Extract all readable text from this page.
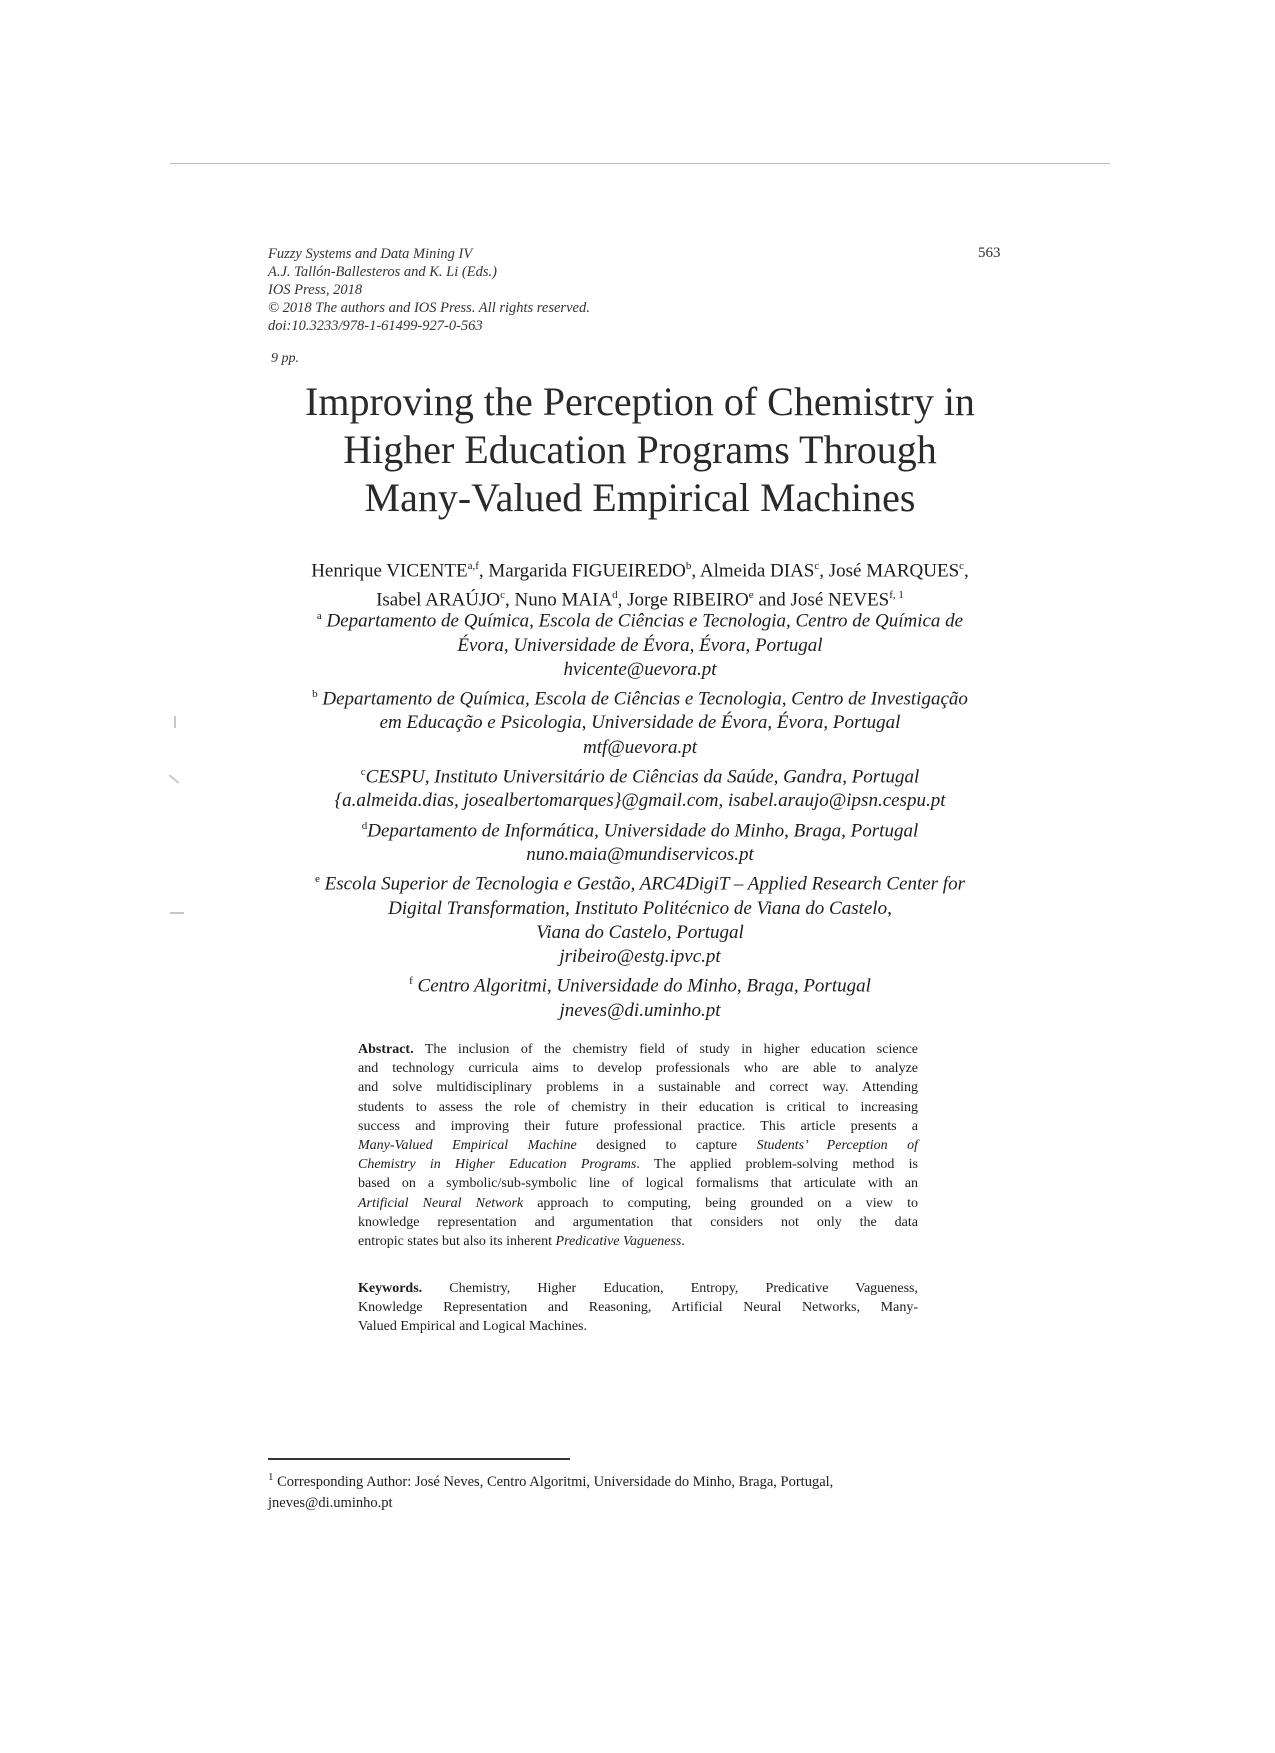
Fuzzy Systems and Data Mining IV
A.J. Tallón-Ballesteros and K. Li (Eds.)
IOS Press, 2018
© 2018 The authors and IOS Press. All rights reserved.
doi:10.3233/978-1-61499-927-0-563
563
9 pp.
Improving the Perception of Chemistry in
Higher Education Programs Through
Many-Valued Empirical Machines
Henrique VICENTE$^{a,f}$, Margarida FIGUEIREDO$^b$, Almeida DIAS$^c$, José MARQUES$^c$,
Isabel ARAÚJO$^c$, Nuno MAIA$^d$, Jorge RIBEIRO$^e$ and José NEVES$^{f, 1}$
$^a$ Departamento de Química, Escola de Ciências e Tecnologia, Centro de Química de
Évora, Universidade de Évora, Évora, Portugal
hvicente@uevora.pt
$^b$ Departamento de Química, Escola de Ciências e Tecnologia, Centro de Investigação
em Educação e Psicologia, Universidade de Évora, Évora, Portugal
mtf@uevora.pt
$^c$CESPU, Instituto Universitário de Ciências da Saúde, Gandra, Portugal
{a.almeida.dias, josealbertomarques}@gmail.com, isabel.araujo@ipsn.cespu.pt
$^d$Departamento de Informática, Universidade do Minho, Braga, Portugal
nuno.maia@mundiservicos.pt
$^e$ Escola Superior de Tecnologia e Gestão, ARC4DigiT – Applied Research Center for
Digital Transformation, Instituto Politécnico de Viana do Castelo,
Viana do Castelo, Portugal
jribeiro@estg.ipvc.pt
$^f$ Centro Algoritmi, Universidade do Minho, Braga, Portugal
jneves@di.uminho.pt
Abstract. The inclusion of the chemistry field of study in higher education science
and technology curricula aims to develop professionals who are able to analyze
and solve multidisciplinary problems in a sustainable and correct way. Attending
students to assess the role of chemistry in their education is critical to increasing
success and improving their future professional practice. This article presents a
Many-Valued Empirical Machine designed to capture Students’ Perception of
Chemistry in Higher Education Programs. The applied problem-solving method is
based on a symbolic/sub-symbolic line of logical formalisms that articulate with an
Artificial Neural Network approach to computing, being grounded on a view to
knowledge representation and argumentation that considers not only the data
entropic states but also its inherent Predicative Vagueness.
Keywords. Chemistry, Higher Education, Entropy, Predicative Vagueness,
Knowledge Representation and Reasoning, Artificial Neural Networks, Many-
Valued Empirical and Logical Machines.
$^1$ Corresponding Author: José Neves, Centro Algoritmi, Universidade do Minho, Braga, Portugal,
jneves@di.uminho.pt
